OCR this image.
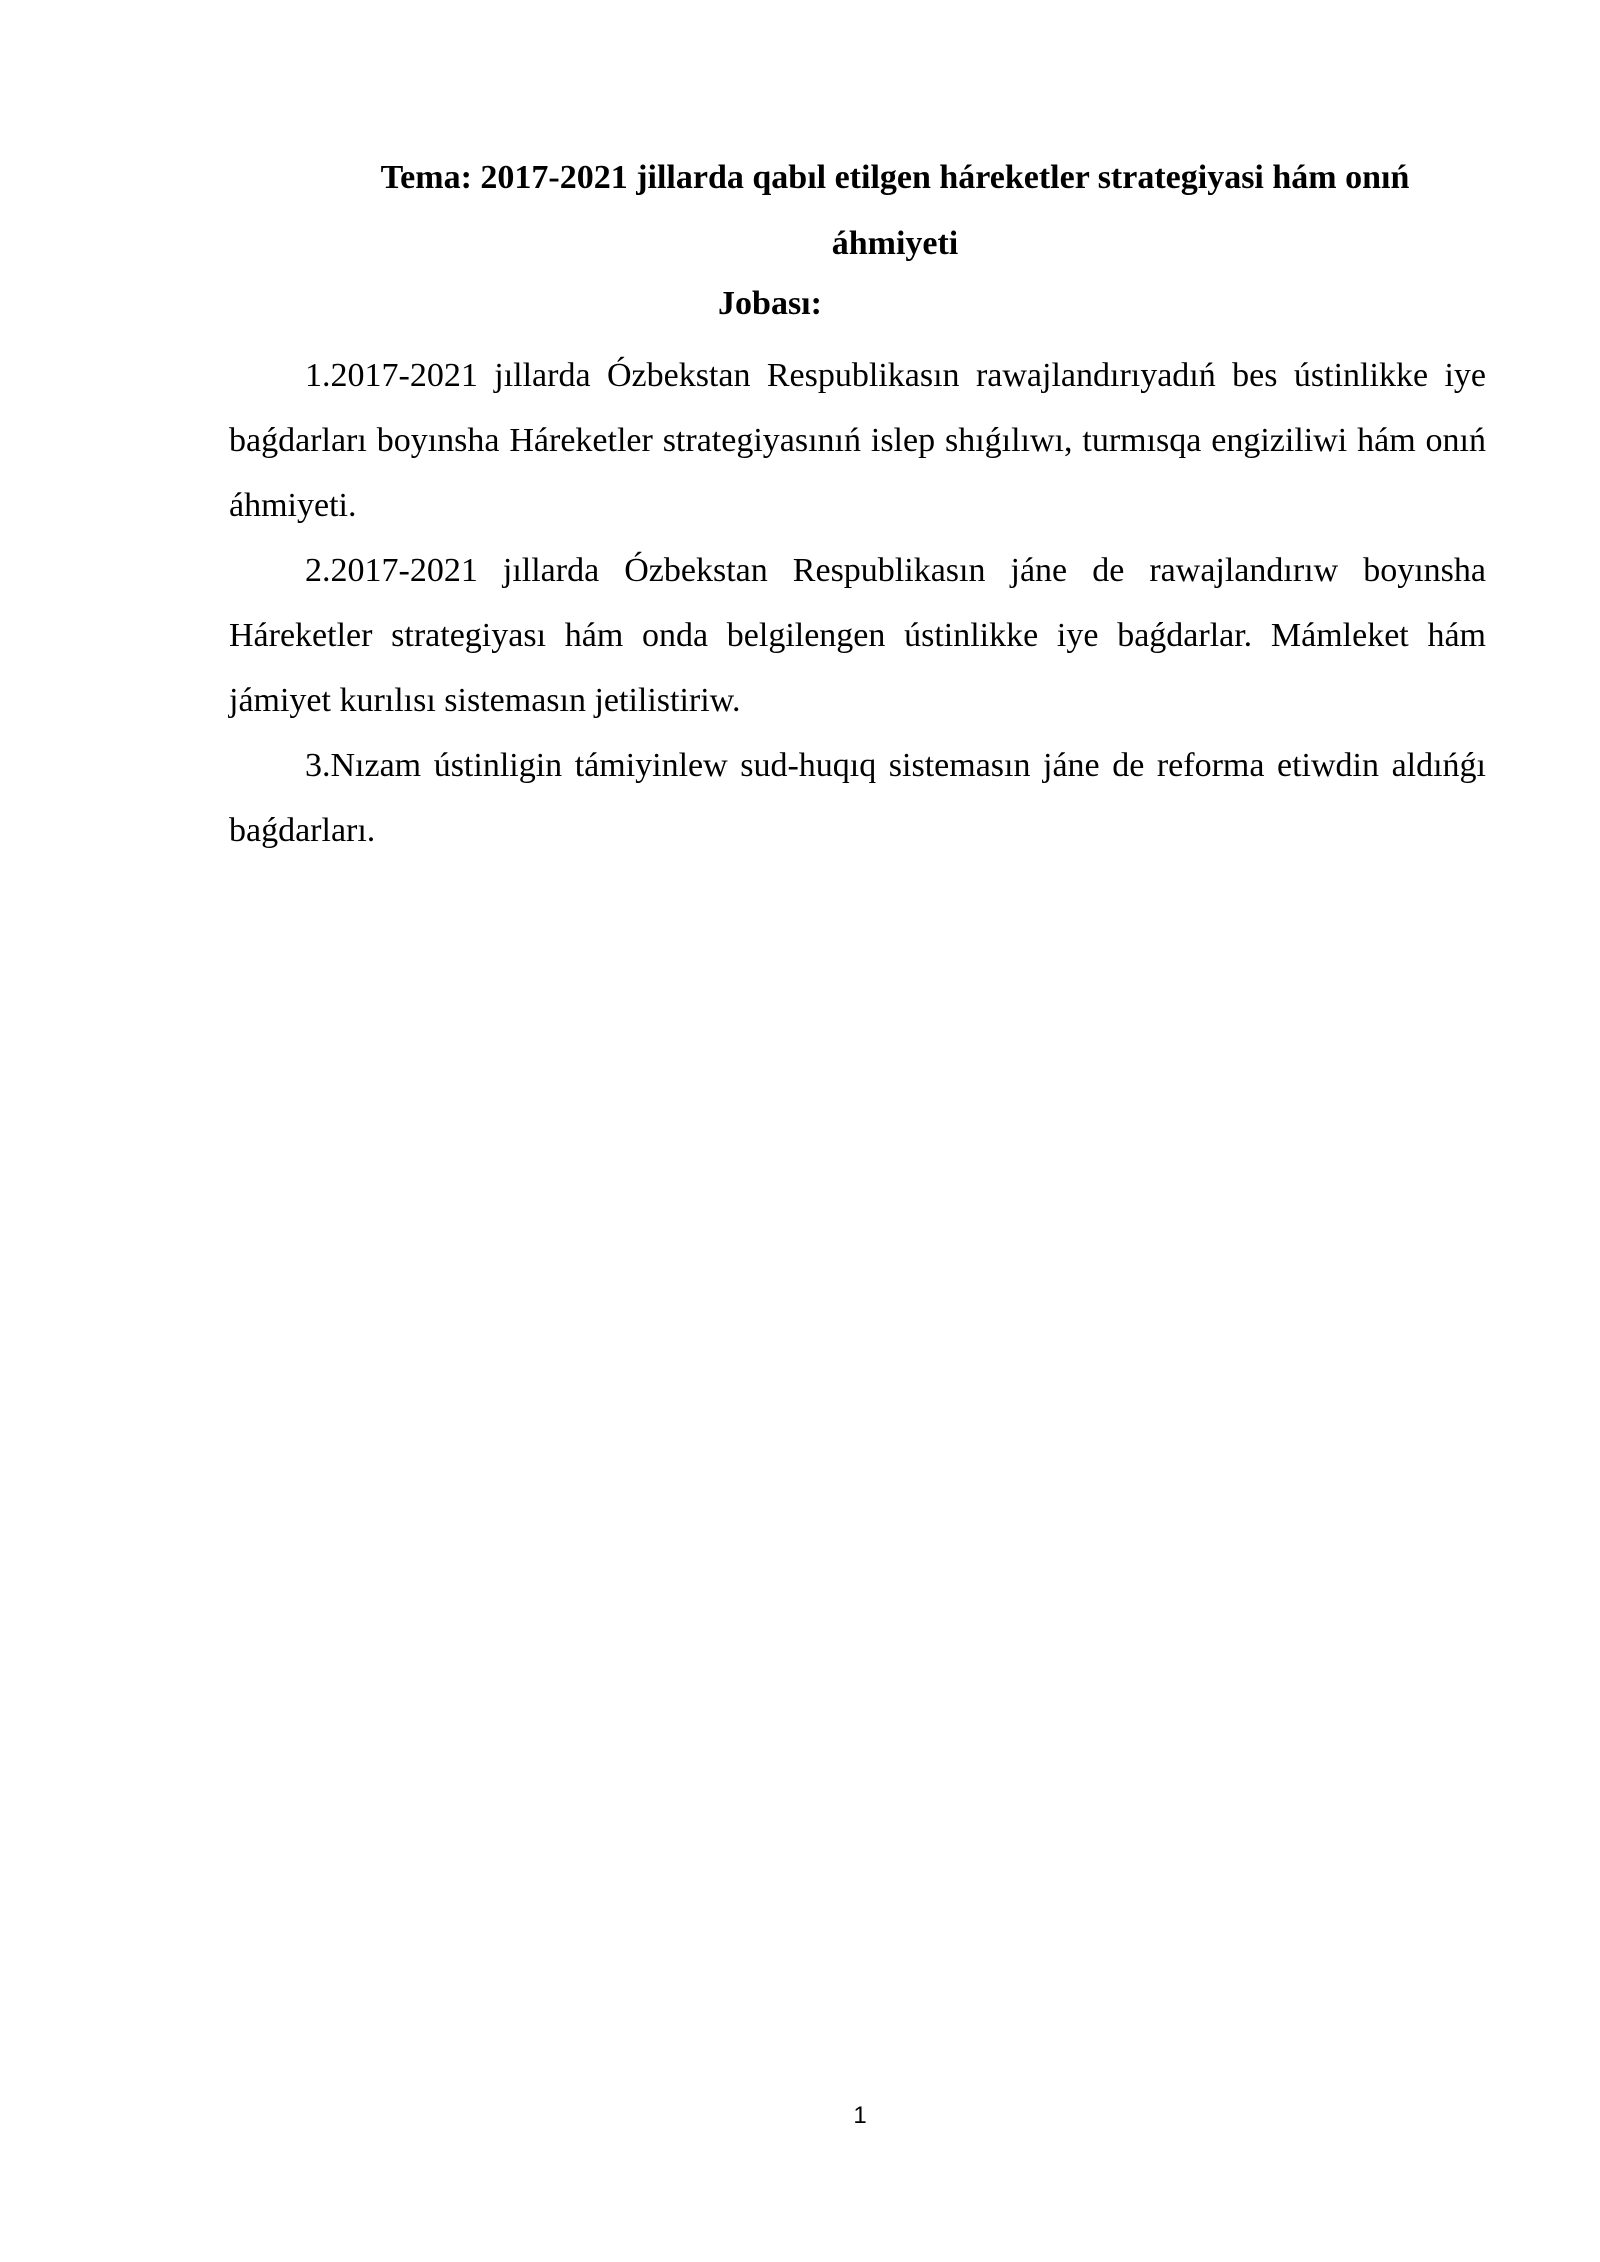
Tema: 2017-2021 jillarda qabıl etilgen háreketler strategiyasi hám onıń áhmiyeti
Jobası:

1.2017-2021 jıllarda Ózbekstan Respublikasın rawajlandırıyadıń bes ústinlikke iye baǵdarları boyınsha Háreketler strategiyasınıń islep shıǵılıwı, turmısqa engiziliwi hám onıń áhmiyeti.

2.2017-2021 jıllarda Ózbekstan Respublikasın jáne de rawajlandırıw boyınsha Háreketler strategiyası hám onda belgilengen ústinlikke iye baǵdarlar. Mámleket hám jámiyet kurılısı sistemasın jetilistiriw.

3.Nızam ústinligin támiyinlew sud-huqıq sistemasın jáne de reforma etiwdin aldıńǵı baǵdarları.

1
